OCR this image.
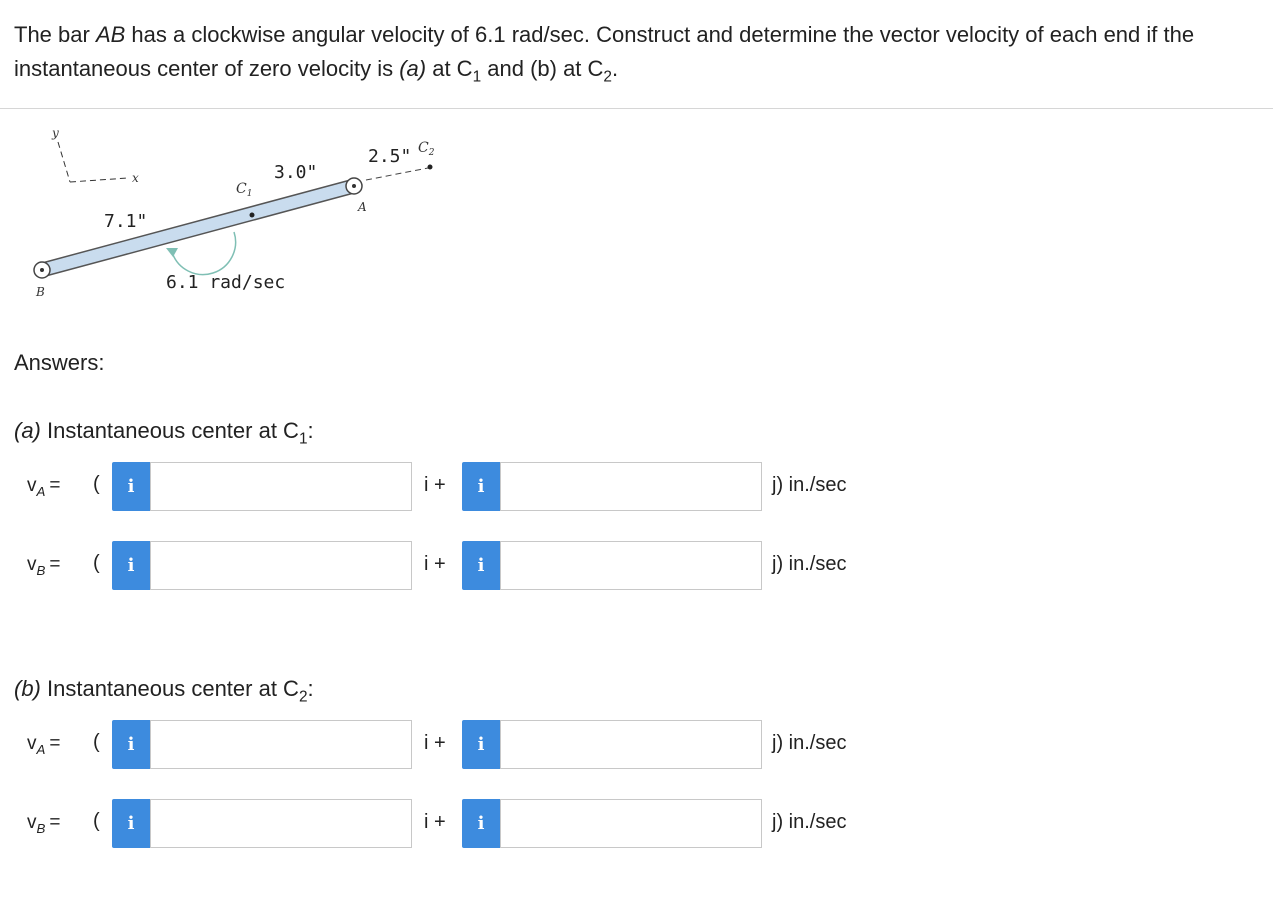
The bar AB has a clockwise angular velocity of 6.1 rad/sec. Construct and determine the vector velocity of each end if the instantaneous center of zero velocity is (a) at $C_1$ and (b) at $C_2$.
y
x
B
A
$C_1$
$C_2$
7.1"
3.0"
2.5"
6.1 rad/sec
Answers:
(a) Instantaneous center at $C_1$:
$v_A$ = (	i	i +	i	j) in./sec
$v_B$ = (	i	i +	i	j) in./sec
(b) Instantaneous center at $C_2$:
$v_A$ = (	i	i +	i	j) in./sec
$v_B$ = (	i	i +	i	j) in./sec
